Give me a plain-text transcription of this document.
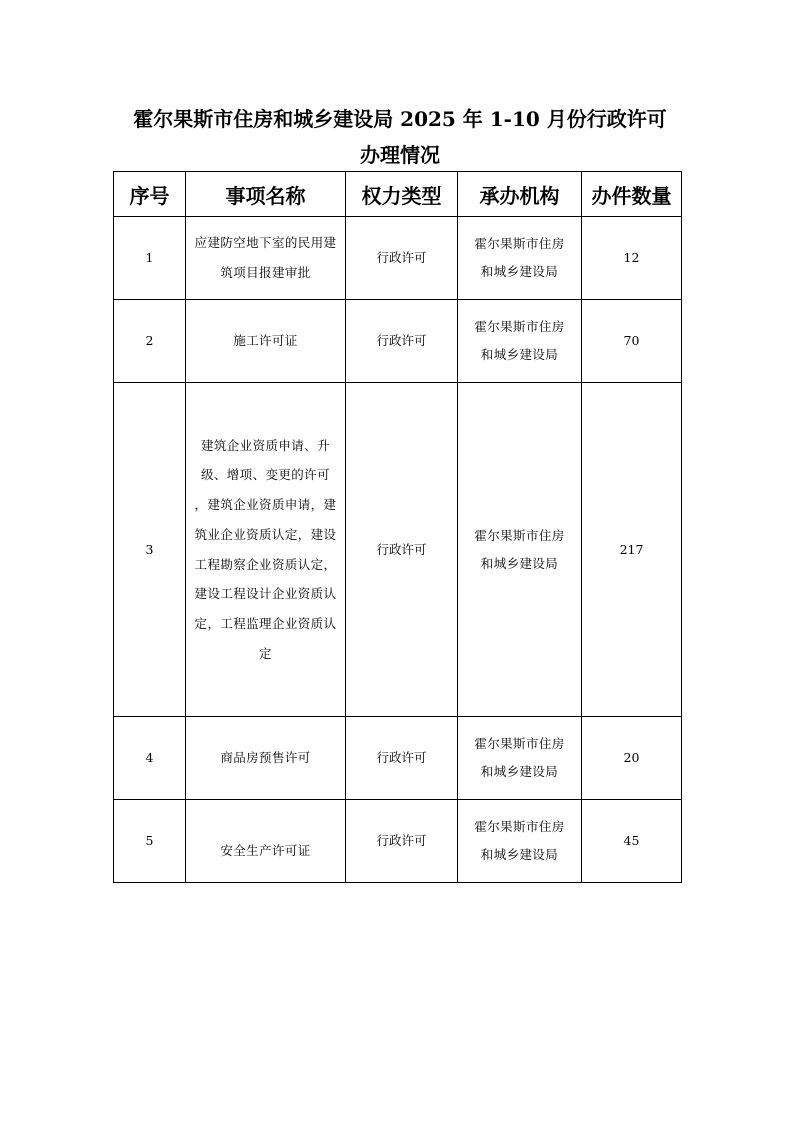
霍尔果斯市住房和城乡建设局 2025 年 1-10 月份行政许可
办理情况
序号	事项名称	权力类型	承办机构	办件数量
1	应建防空地下室的民用建筑项目报建审批	行政许可	霍尔果斯市住房和城乡建设局	12
2	施工许可证	行政许可	霍尔果斯市住房和城乡建设局	70
3	建筑企业资质申请、升级、增项、变更的许可 ，建筑企业资质申请，建筑业企业资质认定，建设工程勘察企业资质认定，建设工程设计企业资质认定，工程监理企业资质认定	行政许可	霍尔果斯市住房和城乡建设局	217
4	商品房预售许可	行政许可	霍尔果斯市住房和城乡建设局	20
5	安全生产许可证	行政许可	霍尔果斯市住房和城乡建设局	45
